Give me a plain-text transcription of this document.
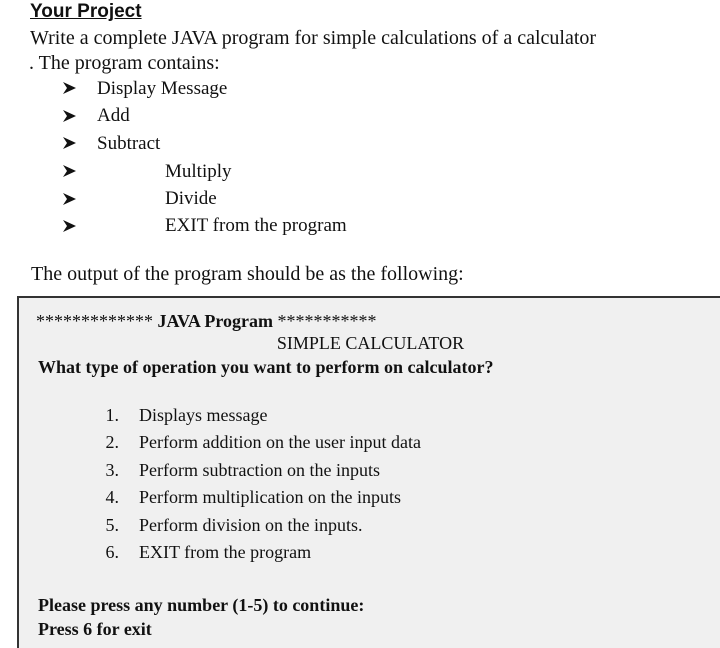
Your Project
Write a complete JAVA program for simple calculations of a calculator
. The program contains:
Display Message
Add
Subtract
Multiply
Divide
EXIT from the program
The output of the program should be as the following:
************* JAVA Program ***********
SIMPLE CALCULATOR
What type of operation you want to perform on calculator?
1. Displays message
2. Perform addition on the user input data
3. Perform subtraction on the inputs
4. Perform multiplication on the inputs
5. Perform division on the inputs.
6. EXIT from the program
Please press any number (1-5) to continue:
Press 6 for exit
